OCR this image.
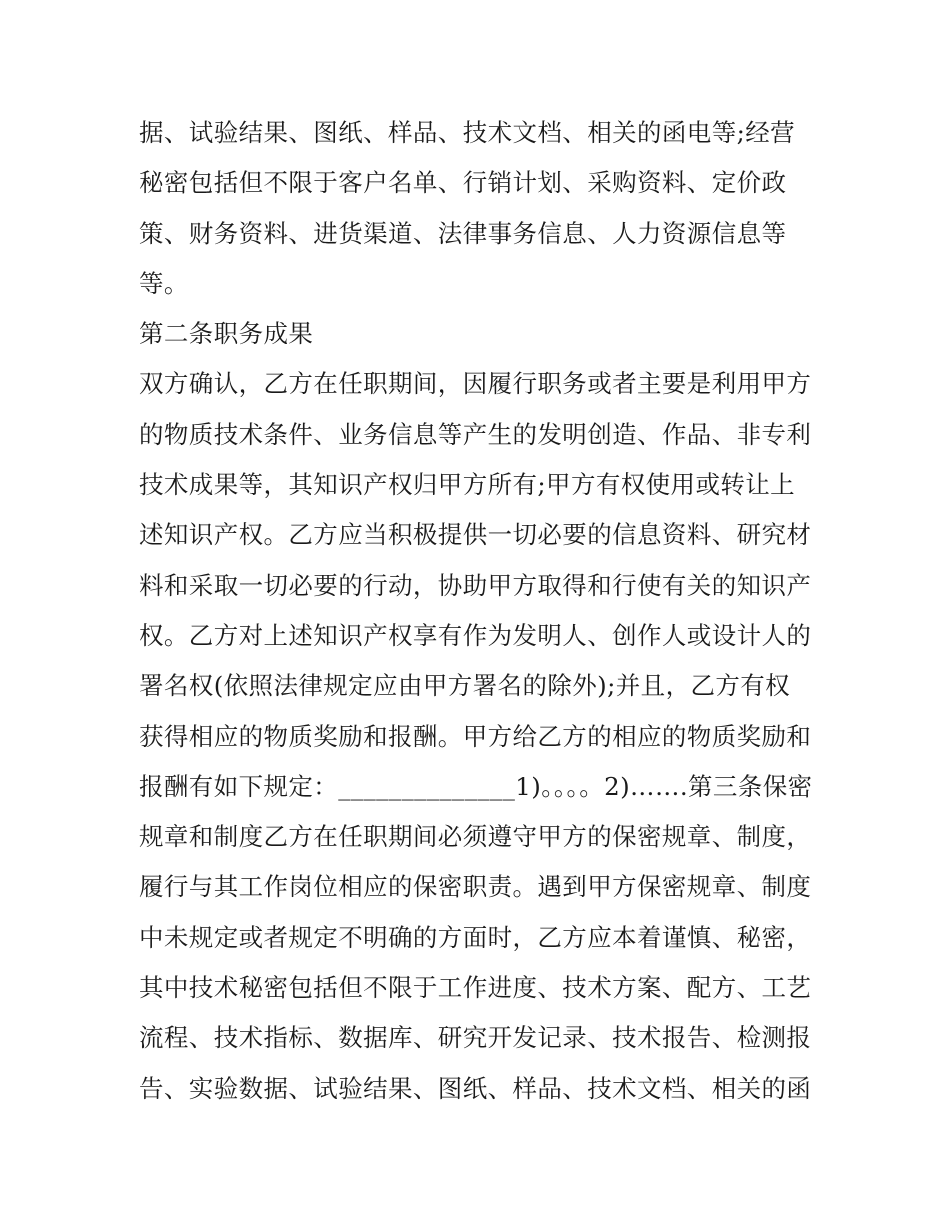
据、试验结果、图纸、样品、技术文档、相关的函电等;经营
秘密包括但不限于客户名单、行销计划、采购资料、定价政
策、财务资料、进货渠道、法律事务信息、人力资源信息等
等。
第二条职务成果
双方确认，乙方在任职期间，因履行职务或者主要是利用甲方
的物质技术条件、业务信息等产生的发明创造、作品、非专利
技术成果等，其知识产权归甲方所有;甲方有权使用或转让上
述知识产权。乙方应当积极提供一切必要的信息资料、研究材
料和采取一切必要的行动，协助甲方取得和行使有关的知识产
权。乙方对上述知识产权享有作为发明人、创作人或设计人的
署名权(依照法律规定应由甲方署名的除外);并且，乙方有权
获得相应的物质奖励和报酬。甲方给乙方的相应的物质奖励和
报酬有如下规定：______________1)。。。。2)…….第三条保密
规章和制度乙方在任职期间必须遵守甲方的保密规章、制度，
履行与其工作岗位相应的保密职责。遇到甲方保密规章、制度
中未规定或者规定不明确的方面时，乙方应本着谨慎、秘密，
其中技术秘密包括但不限于工作进度、技术方案、配方、工艺
流程、技术指标、数据库、研究开发记录、技术报告、检测报
告、实验数据、试验结果、图纸、样品、技术文档、相关的函
